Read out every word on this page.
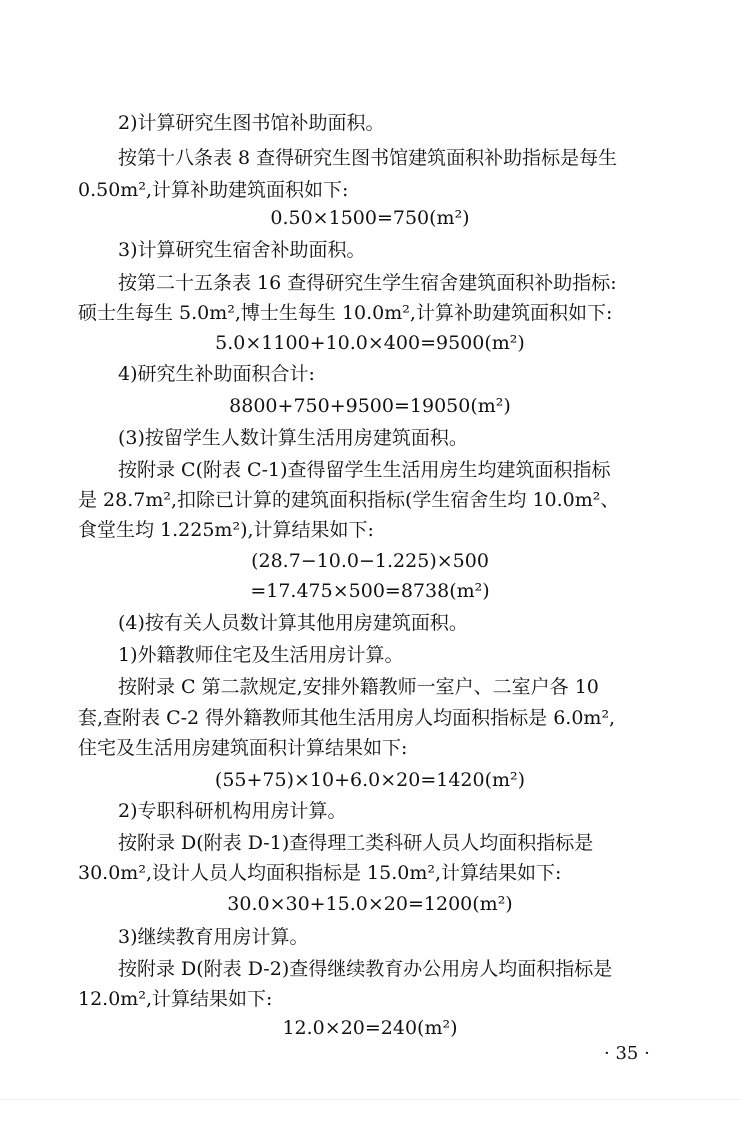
2)计算研究生图书馆补助面积。
按第十八条表 8 查得研究生图书馆建筑面积补助指标是每生
0.50m²,计算补助建筑面积如下:
0.50×1500=750(m²)
3)计算研究生宿舍补助面积。
按第二十五条表 16 查得研究生学生宿舍建筑面积补助指标:
硕士生每生 5.0m²,博士生每生 10.0m²,计算补助建筑面积如下:
5.0×1100+10.0×400=9500(m²)
4)研究生补助面积合计:
8800+750+9500=19050(m²)
(3)按留学生人数计算生活用房建筑面积。
按附录 C(附表 C-1)查得留学生生活用房生均建筑面积指标
是 28.7m²,扣除已计算的建筑面积指标(学生宿舍生均 10.0m²、
食堂生均 1.225m²),计算结果如下:
(28.7−10.0−1.225)×500
=17.475×500=8738(m²)
(4)按有关人员数计算其他用房建筑面积。
1)外籍教师住宅及生活用房计算。
按附录 C 第二款规定,安排外籍教师一室户、二室户各 10
套,查附表 C-2 得外籍教师其他生活用房人均面积指标是 6.0m²,
住宅及生活用房建筑面积计算结果如下:
(55+75)×10+6.0×20=1420(m²)
2)专职科研机构用房计算。
按附录 D(附表 D-1)查得理工类科研人员人均面积指标是
30.0m²,设计人员人均面积指标是 15.0m²,计算结果如下:
30.0×30+15.0×20=1200(m²)
3)继续教育用房计算。
按附录 D(附表 D-2)查得继续教育办公用房人均面积指标是
12.0m²,计算结果如下:
12.0×20=240(m²)
· 35 ·
